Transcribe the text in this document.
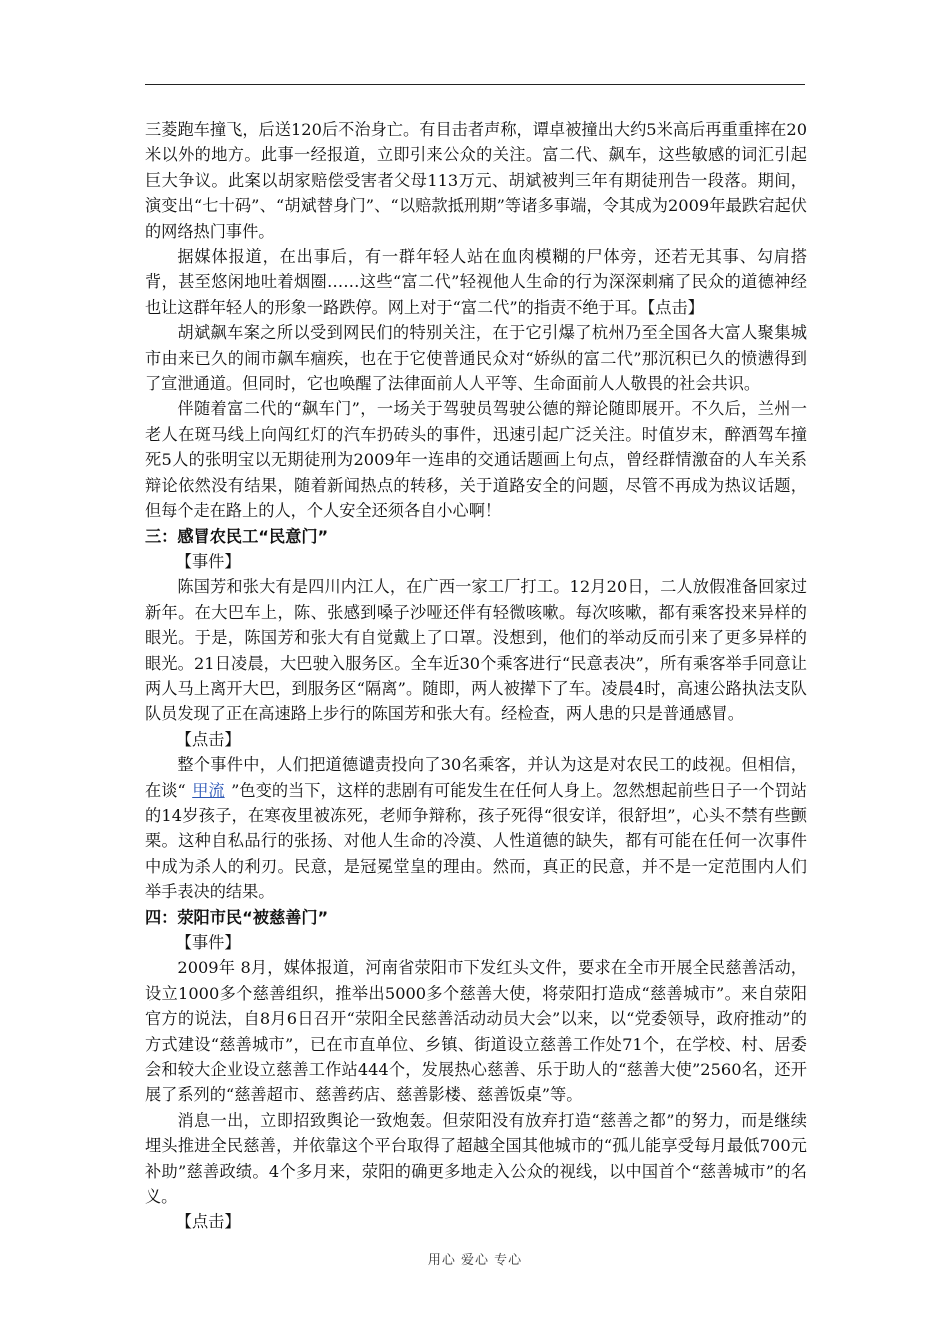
三菱跑车撞飞，后送120后不治身亡。有目击者声称，谭卓被撞出大约5米高后再重重摔在20米以外的地方。此事一经报道，立即引来公众的关注。富二代、飙车，这些敏感的词汇引起巨大争议。此案以胡家赔偿受害者父母113万元、胡斌被判三年有期徒刑告一段落。期间，演变出“七十码”、“胡斌替身门”、“以赔款抵刑期”等诸多事端，令其成为2009年最跌宕起伏的网络热门事件。

据媒体报道，在出事后，有一群年轻人站在血肉模糊的尸体旁，还若无其事、勾肩搭背，甚至悠闲地吐着烟圈……这些“富二代”轻视他人生命的行为深深刺痛了民众的道德神经也让这群年轻人的形象一路跌停。网上对于“富二代”的指责不绝于耳。【点击】

胡斌飙车案之所以受到网民们的特别关注，在于它引爆了杭州乃至全国各大富人聚集城市由来已久的闹市飙车痼疾，也在于它使普通民众对“娇纵的富二代”那沉积已久的愤懑得到了宣泄通道。但同时，它也唤醒了法律面前人人平等、生命面前人人敬畏的社会共识。

伴随着富二代的“飙车门”，一场关于驾驶员驾驶公德的辩论随即展开。不久后，兰州一老人在斑马线上向闯红灯的汽车扔砖头的事件，迅速引起广泛关注。时值岁末，醉酒驾车撞死5人的张明宝以无期徒刑为2009年一连串的交通话题画上句点，曾经群情激奋的人车关系辩论依然没有结果，随着新闻热点的转移，关于道路安全的问题，尽管不再成为热议话题，但每个走在路上的人，个人安全还须各自小心啊！

三：感冒农民工“民意门”

【事件】

陈国芳和张大有是四川内江人，在广西一家工厂打工。12月20日，二人放假准备回家过新年。在大巴车上，陈、张感到嗓子沙哑还伴有轻微咳嗽。每次咳嗽，都有乘客投来异样的眼光。于是，陈国芳和张大有自觉戴上了口罩。没想到，他们的举动反而引来了更多异样的眼光。21日凌晨，大巴驶入服务区。全车近30个乘客进行“民意表决”，所有乘客举手同意让两人马上离开大巴，到服务区“隔离”。随即，两人被撵下了车。凌晨4时，高速公路执法支队队员发现了正在高速路上步行的陈国芳和张大有。经检查，两人患的只是普通感冒。

【点击】

整个事件中，人们把道德谴责投向了30名乘客，并认为这是对农民工的歧视。但相信，在谈“ 甲流 ”色变的当下，这样的悲剧有可能发生在任何人身上。忽然想起前些日子一个罚站的14岁孩子，在寒夜里被冻死，老师争辩称，孩子死得“很安详，很舒坦”，心头不禁有些颤栗。这种自私品行的张扬、对他人生命的冷漠、人性道德的缺失，都有可能在任何一次事件中成为杀人的利刃。民意，是冠冕堂皇的理由。然而，真正的民意，并不是一定范围内人们举手表决的结果。

四：荥阳市民“被慈善门”

【事件】

2009年 8月，媒体报道，河南省荥阳市下发红头文件，要求在全市开展全民慈善活动，设立1000多个慈善组织，推举出5000多个慈善大使，将荥阳打造成“慈善城市”。来自荥阳官方的说法，自8月6日召开“荥阳全民慈善活动动员大会”以来，以“党委领导，政府推动”的方式建设“慈善城市”，已在市直单位、乡镇、街道设立慈善工作处71个，在学校、村、居委会和较大企业设立慈善工作站444个，发展热心慈善、乐于助人的“慈善大使”2560名，还开展了系列的“慈善超市、慈善药店、慈善影楼、慈善饭桌”等。

消息一出，立即招致舆论一致炮轰。但荥阳没有放弃打造“慈善之都”的努力，而是继续埋头推进全民慈善，并依靠这个平台取得了超越全国其他城市的“孤儿能享受每月最低700元补助”慈善政绩。4个多月来，荥阳的确更多地走入公众的视线，以中国首个“慈善城市”的名义。

【点击】

用心 爱心 专心
